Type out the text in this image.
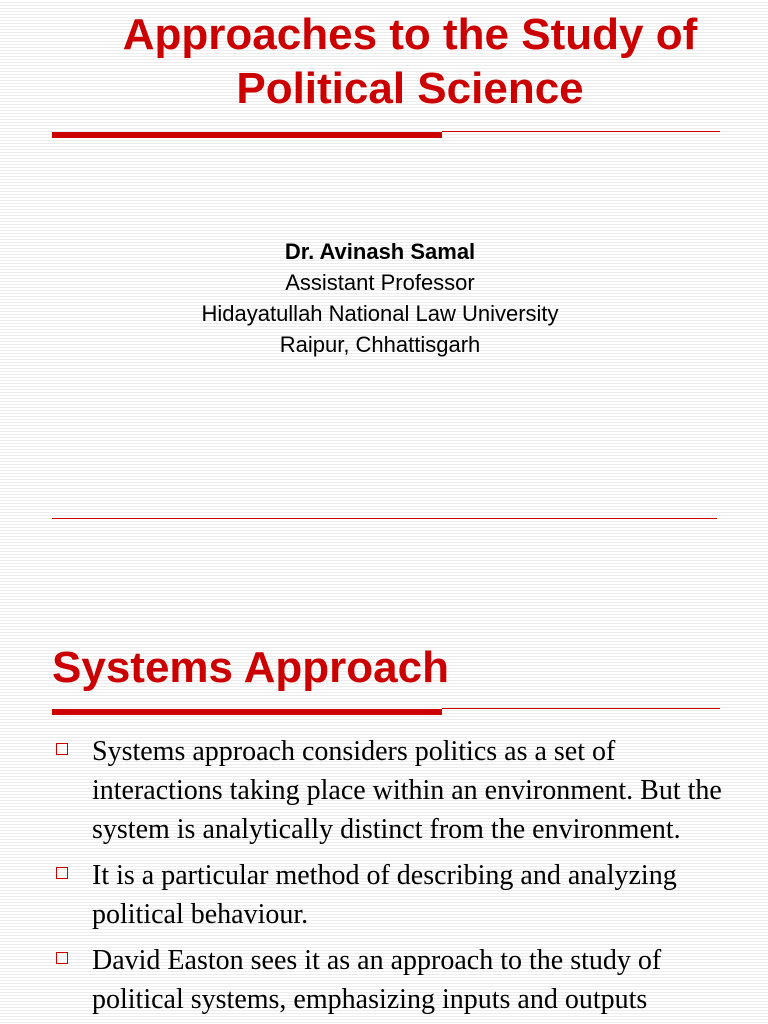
Approaches to the Study of
Political Science
Dr. Avinash Samal
Assistant Professor
Hidayatullah National Law University
Raipur, Chhattisgarh
Systems Approach
Systems approach considers politics as a set of interactions taking place within an environment. But the system is analytically distinct from the environment.
It is a particular method of describing and analyzing political behaviour.
David Easton sees it as an approach to the study of political systems, emphasizing inputs and outputs
